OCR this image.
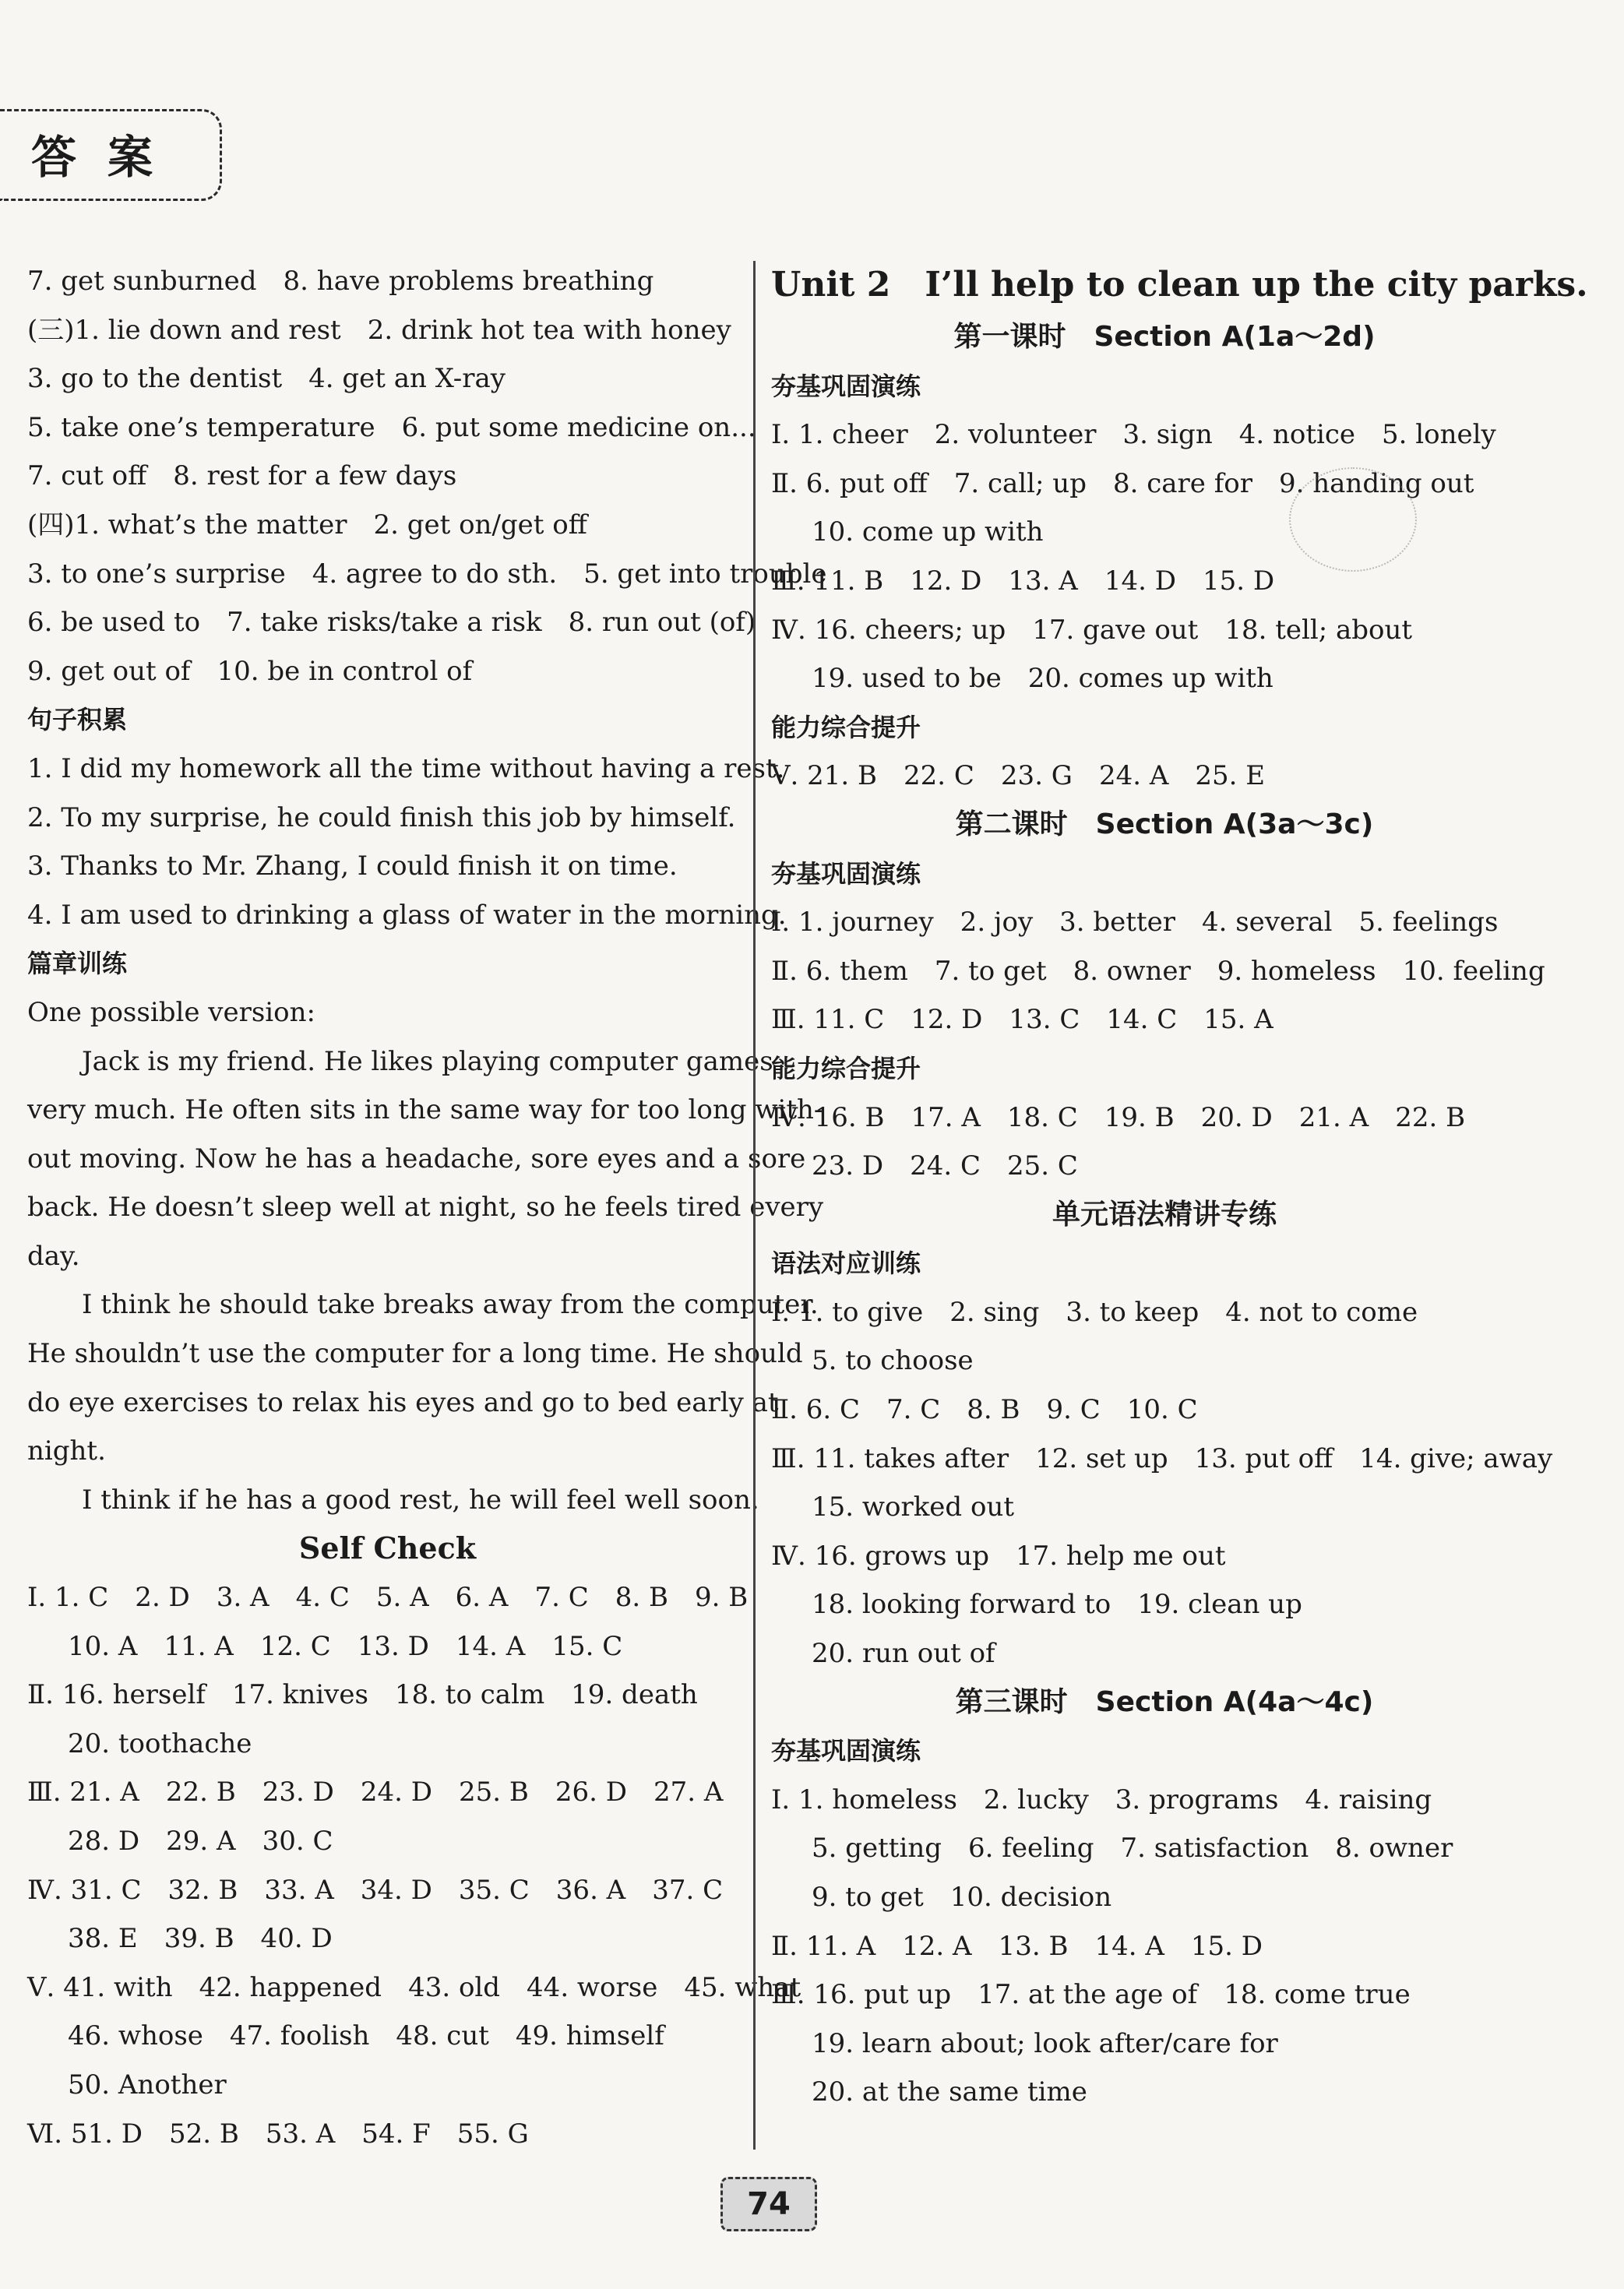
答案
7. get sunburned　8. have problems breathing
(三)1. lie down and rest　2. drink hot tea with honey
3. go to the dentist　4. get an X-ray
5. take one’s temperature　6. put some medicine on...
7. cut off　8. rest for a few days
(四)1. what’s the matter　2. get on/get off
3. to one’s surprise　4. agree to do sth.　5. get into trouble
6. be used to　7. take risks/take a risk　8. run out (of)
9. get out of　10. be in control of
句子积累
1. I did my homework all the time without having a rest.
2. To my surprise, he could finish this job by himself.
3. Thanks to Mr. Zhang, I could finish it on time.
4. I am used to drinking a glass of water in the morning.
篇章训练
One possible version:
Jack is my friend. He likes playing computer games
very much. He often sits in the same way for too long with-
out moving. Now he has a headache, sore eyes and a sore
back. He doesn’t sleep well at night, so he feels tired every
day.
I think he should take breaks away from the computer.
He shouldn’t use the computer for a long time. He should
do eye exercises to relax his eyes and go to bed early at
night.
I think if he has a good rest, he will feel well soon.
Self Check
Ⅰ. 1. C　2. D　3. A　4. C　5. A　6. A　7. C　8. B　9. B
10. A　11. A　12. C　13. D　14. A　15. C
Ⅱ. 16. herself　17. knives　18. to calm　19. death
20. toothache
Ⅲ. 21. A　22. B　23. D　24. D　25. B　26. D　27. A
28. D　29. A　30. C
Ⅳ. 31. C　32. B　33. A　34. D　35. C　36. A　37. C
38. E　39. B　40. D
Ⅴ. 41. with　42. happened　43. old　44. worse　45. what
46. whose　47. foolish　48. cut　49. himself
50. Another
Ⅵ. 51. D　52. B　53. A　54. F　55. G
Unit 2　I’ll help to clean up the city parks.
第一课时　Section A(1a～2d)
夯基巩固演练
Ⅰ. 1. cheer　2. volunteer　3. sign　4. notice　5. lonely
Ⅱ. 6. put off　7. call; up　8. care for　9. handing out
10. come up with
Ⅲ. 11. B　12. D　13. A　14. D　15. D
Ⅳ. 16. cheers; up　17. gave out　18. tell; about
19. used to be　20. comes up with
能力综合提升
Ⅴ. 21. B　22. C　23. G　24. A　25. E
第二课时　Section A(3a～3c)
夯基巩固演练
Ⅰ. 1. journey　2. joy　3. better　4. several　5. feelings
Ⅱ. 6. them　7. to get　8. owner　9. homeless　10. feeling
Ⅲ. 11. C　12. D　13. C　14. C　15. A
能力综合提升
Ⅳ. 16. B　17. A　18. C　19. B　20. D　21. A　22. B
23. D　24. C　25. C
单元语法精讲专练
语法对应训练
Ⅰ. 1. to give　2. sing　3. to keep　4. not to come
5. to choose
Ⅱ. 6. C　7. C　8. B　9. C　10. C
Ⅲ. 11. takes after　12. set up　13. put off　14. give; away
15. worked out
Ⅳ. 16. grows up　17. help me out
18. looking forward to　19. clean up
20. run out of
第三课时　Section A(4a～4c)
夯基巩固演练
Ⅰ. 1. homeless　2. lucky　3. programs　4. raising
5. getting　6. feeling　7. satisfaction　8. owner
9. to get　10. decision
Ⅱ. 11. A　12. A　13. B　14. A　15. D
Ⅲ. 16. put up　17. at the age of　18. come true
19. learn about; look after/care for
20. at the same time
74
